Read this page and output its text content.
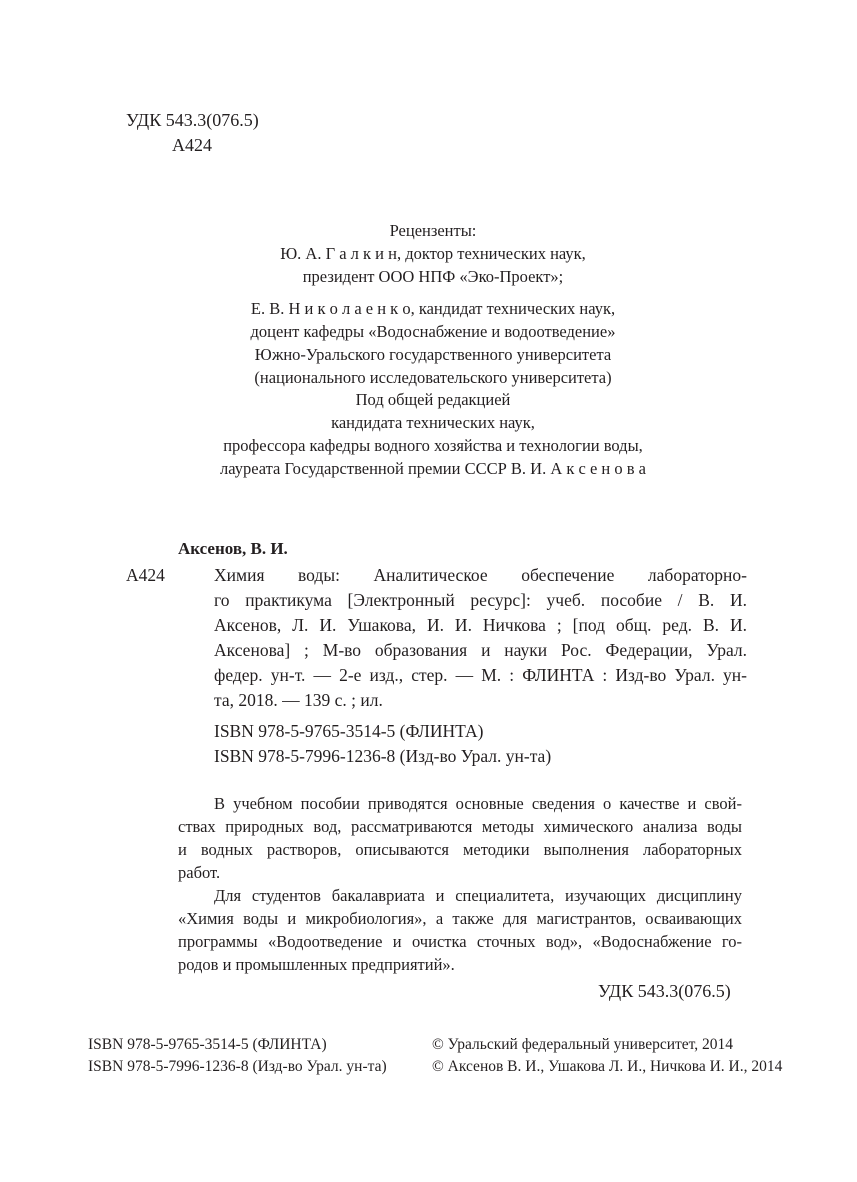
УДК 543.3(076.5)
А424
Рецензенты:
Ю. А. Г а л к и н, доктор технических наук,
президент ООО НПФ «Эко-Проект»;
Е. В. Н и к о л а е н к о, кандидат технических наук,
доцент кафедры «Водоснабжение и водоотведение»
Южно-Уральского государственного университета
(национального исследовательского университета)
Под общей редакцией
кандидата технических наук,
профессора кафедры водного хозяйства и технологии воды,
лауреата Государственной премии СССР В. И. А к с е н о в а
Аксенов, В. И.
А424	Химия воды: Аналитическое обеспечение лабораторно-
го практикума [Электронный ресурс]: учеб. пособие / В. И.
Аксенов, Л. И. Ушакова, И. И. Ничкова ; [под общ. ред. В. И.
Аксенова] ; М-во образования и науки Рос. Федерации, Урал.
федер. ун-т. — 2-е изд., стер. — М. : ФЛИНТА : Изд-во Урал. ун-
та, 2018. — 139 с. ; ил.
ISBN 978-5-9765-3514-5 (ФЛИНТА)
ISBN 978-5-7996-1236-8 (Изд-во Урал. ун-та)
В учебном пособии приводятся основные сведения о качестве и свой-
ствах природных вод, рассматриваются методы химического анализа воды
и водных растворов, описываются методики выполнения лабораторных
работ.
Для студентов бакалавриата и специалитета, изучающих дисциплину
«Химия воды и микробиология», а также для магистрантов, осваивающих
программы «Водоотведение и очистка сточных вод», «Водоснабжение го-
родов и промышленных предприятий».
УДК 543.3(076.5)
ISBN 978-5-9765-3514-5 (ФЛИНТА)
ISBN 978-5-7996-1236-8 (Изд-во Урал. ун-та)
© Уральский федеральный университет, 2014
© Аксенов В. И., Ушакова Л. И., Ничкова И. И., 2014
